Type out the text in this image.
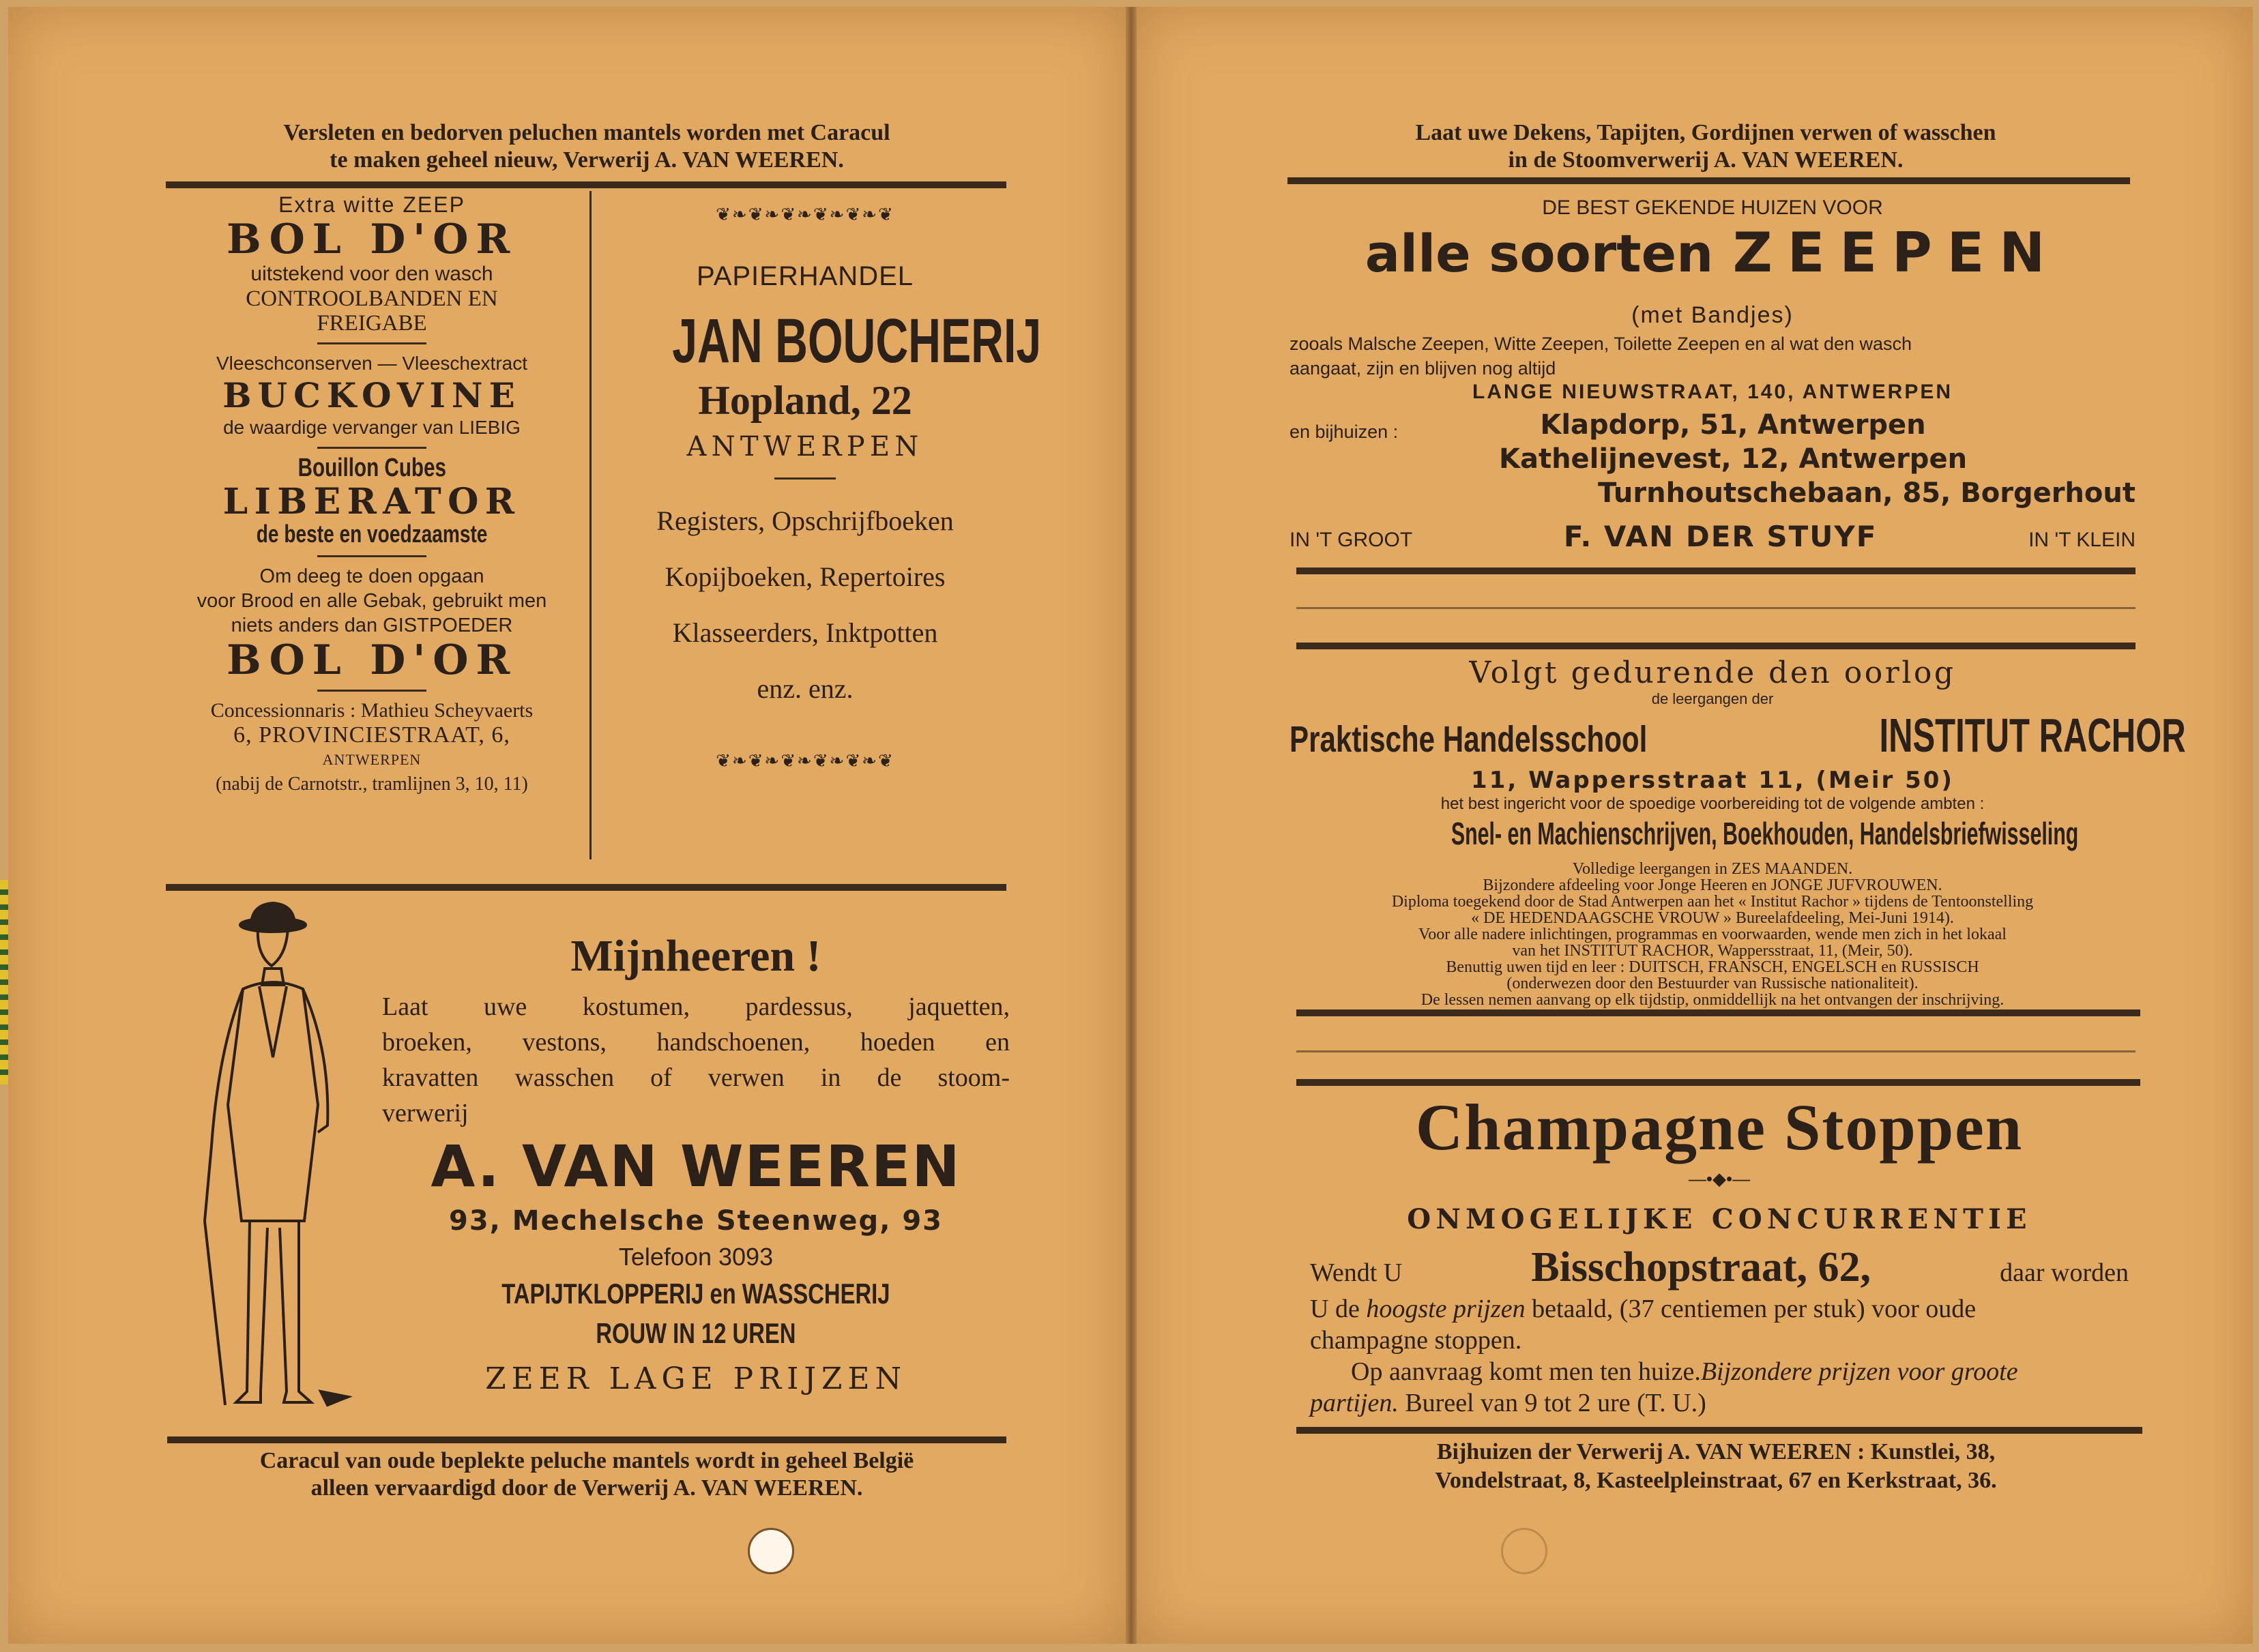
Versleten en bedorven peluchen mantels worden met Caracul
te maken geheel nieuw, Verwerij A. VAN WEEREN.
Extra witte ZEEP
BOL D'OR
uitstekend voor den wasch
CONTROOLBANDEN EN
FREIGABE
Vleeschconserven — Vleeschextract
BUCKOVINE
de waardige vervanger van LIEBIG
Bouillon Cubes
LIBERATOR
de beste en voedzaamste
Om deeg te doen opgaan
voor Brood en alle Gebak, gebruikt men
niets anders dan GISTPOEDER
BOL D'OR
Concessionnaris : Mathieu Scheyvaerts
6, PROVINCIESTRAAT, 6,
ANTWERPEN
(nabij de Carnotstr., tramlijnen 3, 10, 11)
❦❧❦❧❦❧❦❧❦❧❦
PAPIERHANDEL
JAN BOUCHERIJ
Hopland, 22
ANTWERPEN
Registers, Opschrijfboeken
Kopijboeken, Repertoires
Klasseerders, Inktpotten
enz. enz.
❦❧❦❧❦❧❦❧❦❧❦
Mijnheeren !
Laat uwe kostumen, pardessus, jaquetten,
broeken, vestons, handschoenen, hoeden en
kravatten wasschen of verwen in de stoom-
verwerij
A. VAN WEEREN
93, Mechelsche Steenweg, 93
Telefoon 3093
TAPIJTKLOPPERIJ en WASSCHERIJ
ROUW IN 12 UREN
ZEER LAGE PRIJZEN
Caracul van oude beplekte peluche mantels wordt in geheel België
alleen vervaardigd door de Verwerij A. VAN WEEREN.
Laat uwe Dekens, Tapijten, Gordijnen verwen of wasschen
in de Stoomverwerij A. VAN WEEREN.
DE BEST GEKENDE HUIZEN VOOR
alle soorten ZEEPEN
(met Bandjes)
zooals Malsche Zeepen, Witte Zeepen, Toilette Zeepen en al wat den wasch
aangaat, zijn en blijven nog altijd
LANGE NIEUWSTRAAT, 140, ANTWERPEN
en bijhuizen :	Klapdorp, 51, Antwerpen
Kathelijnevest, 12, Antwerpen
Turnhoutschebaan, 85, Borgerhout
IN 'T GROOT	F. VAN DER STUYF	IN 'T KLEIN
Volgt gedurende den oorlog
de leergangen der
Praktische Handelsschool	INSTITUT RACHOR
11, Wappersstraat 11, (Meir 50)
het best ingericht voor de spoedige voorbereiding tot de volgende ambten :
Snel- en Machienschrijven, Boekhouden, Handelsbriefwisseling
Volledige leergangen in ZES MAANDEN.
Bijzondere afdeeling voor Jonge Heeren en JONGE JUFVROUWEN.
Diploma toegekend door de Stad Antwerpen aan het « Institut Rachor » tijdens de Tentoonstelling
« DE HEDENDAAGSCHE VROUW » Bureelafdeeling, Mei-Juni 1914).
Voor alle nadere inlichtingen, programmas en voorwaarden, wende men zich in het lokaal
van het INSTITUT RACHOR, Wappersstraat, 11, (Meir, 50).
Benuttig uwen tijd en leer : DUITSCH, FRANSCH, ENGELSCH en RUSSISCH
(onderwezen door den Bestuurder van Russische nationaliteit).
De lessen nemen aanvang op elk tijdstip, onmiddellijk na het ontvangen der inschrijving.
Champagne Stoppen
—•◆•—
ONMOGELIJKE CONCURRENTIE
Wendt U	Bisschopstraat, 62,	daar worden
U de hoogste prijzen betaald, (37 centiemen per stuk) voor oude
champagne stoppen.
Op aanvraag komt men ten huize.Bijzondere prijzen voor groote
partijen. Bureel van 9 tot 2 ure (T. U.)
Bijhuizen der Verwerij A. VAN WEEREN : Kunstlei, 38,
Vondelstraat, 8, Kasteelpleinstraat, 67 en Kerkstraat, 36.
